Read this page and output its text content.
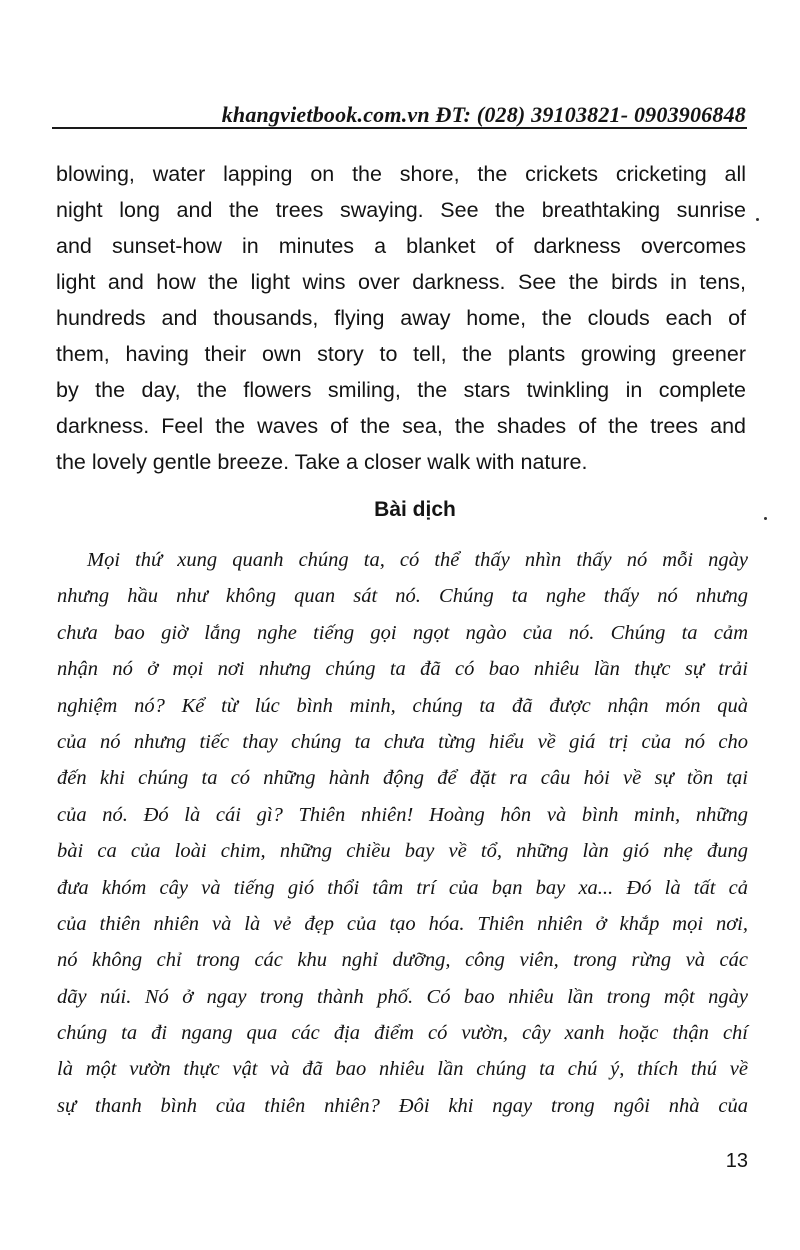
khangvietbook.com.vn ĐT: (028) 39103821- 0903906848
blowing, water lapping on the shore, the crickets cricketing all
night long and the trees swaying. See the breathtaking sunrise
and sunset-how in minutes a blanket of darkness overcomes
light and how the light wins over darkness. See the birds in tens,
hundreds and thousands, flying away home, the clouds each of
them, having their own story to tell, the plants growing greener
by the day, the flowers smiling, the stars twinkling in complete
darkness. Feel the waves of the sea, the shades of the trees and
the lovely gentle breeze. Take a closer walk with nature.
Bài dịch
Mọi thứ xung quanh chúng ta, có thể thấy nhìn thấy nó mỗi ngày
nhưng hầu như không quan sát nó. Chúng ta nghe thấy nó nhưng
chưa bao giờ lắng nghe tiếng gọi ngọt ngào của nó. Chúng ta cảm
nhận nó ở mọi nơi nhưng chúng ta đã có bao nhiêu lần thực sự trải
nghiệm nó? Kể từ lúc bình minh, chúng ta đã được nhận món quà
của nó nhưng tiếc thay chúng ta chưa từng hiểu về giá trị của nó cho
đến khi chúng ta có những hành động để đặt ra câu hỏi về sự tồn tại
của nó. Đó là cái gì? Thiên nhiên! Hoàng hôn và bình minh, những
bài ca của loài chim, những chiều bay về tổ, những làn gió nhẹ đung
đưa khóm cây và tiếng gió thổi tâm trí của bạn bay xa... Đó là tất cả
của thiên nhiên và là vẻ đẹp của tạo hóa. Thiên nhiên ở khắp mọi nơi,
nó không chỉ trong các khu nghỉ dưỡng, công viên, trong rừng và các
dãy núi. Nó ở ngay trong thành phố. Có bao nhiêu lần trong một ngày
chúng ta đi ngang qua các địa điểm có vườn, cây xanh hoặc thận chí
là một vườn thực vật và đã bao nhiêu lần chúng ta chú ý, thích thú về
sự thanh bình của thiên nhiên? Đôi khi ngay trong ngôi nhà của
13
